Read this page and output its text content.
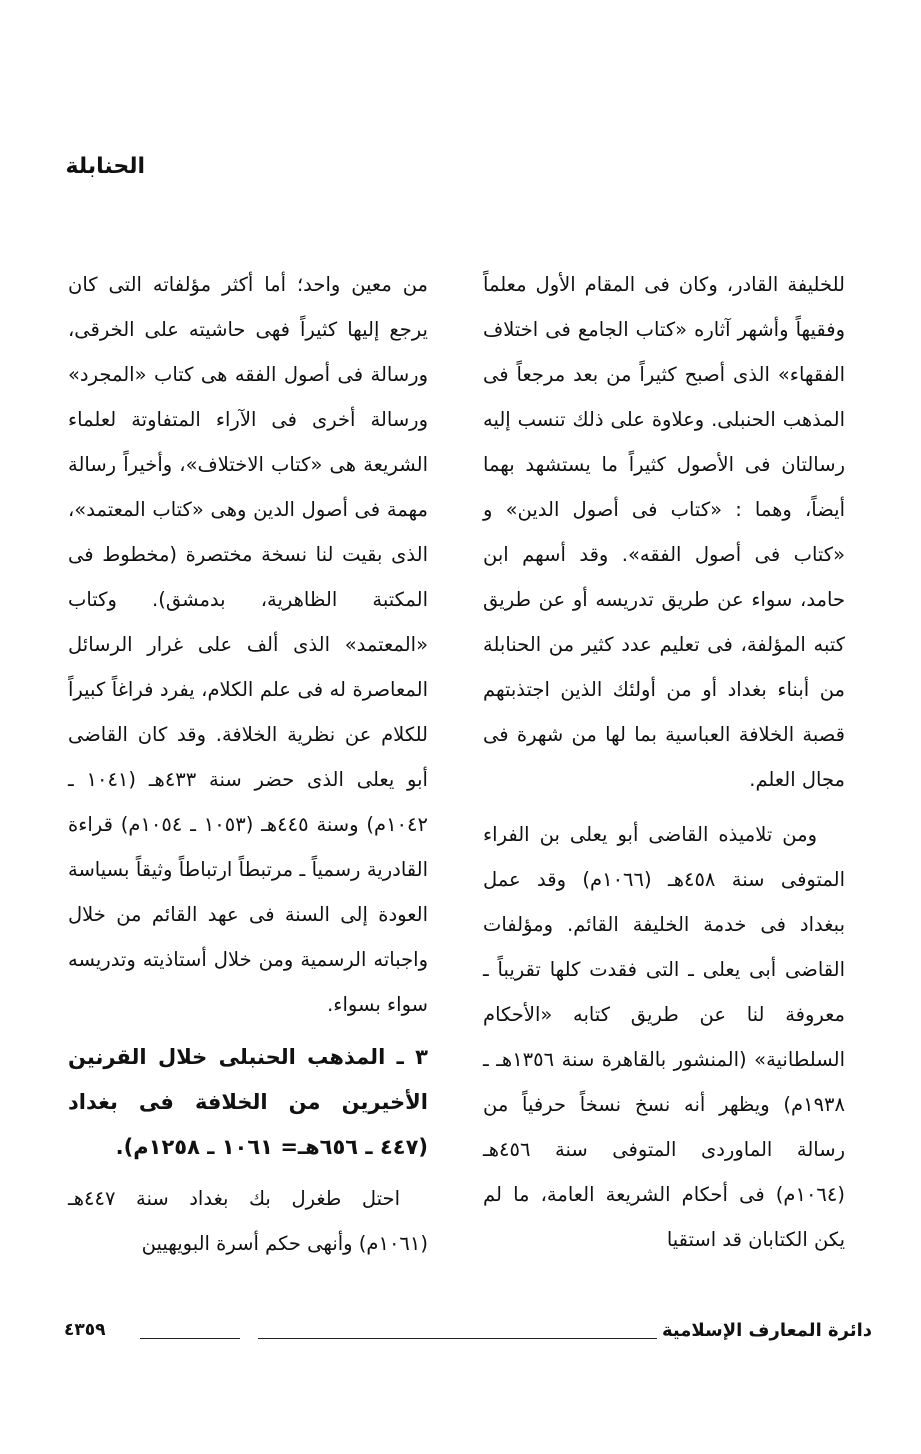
الحنابلة

للخليفة القادر، وكان فى المقام الأول معلماً وفقيهاً وأشهر آثاره «كتاب الجامع فى اختلاف الفقهاء» الذى أصبح كثيراً من بعد مرجعاً فى المذهب الحنبلى. وعلاوة على ذلك تنسب إليه رسالتان فى الأصول كثيراً ما يستشهد بهما أيضاً، وهما : «كتاب فى أصول الدين» و «كتاب فى أصول الفقه». وقد أسهم ابن حامد، سواء عن طريق تدريسه أو عن طريق كتبه المؤلفة، فى تعليم عدد كثير من الحنابلة من أبناء بغداد أو من أولئك الذين اجتذبتهم قصبة الخلافة العباسية بما لها من شهرة فى مجال العلم.

ومن تلاميذه القاضى أبو يعلى بن الفراء المتوفى سنة ٤٥٨هـ (١٠٦٦م) وقد عمل ببغداد فى خدمة الخليفة القائم. ومؤلفات القاضى أبى يعلى ـ التى فقدت كلها تقريباً ـ معروفة لنا عن طريق كتابه «الأحكام السلطانية» (المنشور بالقاهرة سنة ١٣٥٦هـ ـ ١٩٣٨م) ويظهر أنه نسخ نسخاً حرفياً من رسالة الماوردى المتوفى سنة ٤٥٦هـ (١٠٦٤م) فى أحكام الشريعة العامة، ما لم يكن الكتابان قد استقيا

من معين واحد؛ أما أكثر مؤلفاته التى كان يرجع إليها كثيراً فهى حاشيته على الخرقى، ورسالة فى أصول الفقه هى كتاب «المجرد» ورسالة أخرى فى الآراء المتفاوتة لعلماء الشريعة هى «كتاب الاختلاف»، وأخيراً رسالة مهمة فى أصول الدين وهى «كتاب المعتمد»، الذى بقيت لنا نسخة مختصرة (مخطوط فى المكتبة الظاهرية، بدمشق). وكتاب «المعتمد» الذى ألف على غرار الرسائل المعاصرة له فى علم الكلام، يفرد فراغاً كبيراً للكلام عن نظرية الخلافة. وقد كان القاضى أبو يعلى الذى حضر سنة ٤٣٣هـ (١٠٤١ ـ ١٠٤٢م) وسنة ٤٤٥هـ (١٠٥٣ ـ ١٠٥٤م) قراءة القادرية رسمياً ـ مرتبطاً ارتباطاً وثيقاً بسياسة العودة إلى السنة فى عهد القائم من خلال واجباته الرسمية ومن خلال أستاذيته وتدريسه سواء بسواء.

٣ ـ المذهب الحنبلى خلال القرنين الأخيرين من الخلافة فى بغداد (٤٤٧ ـ ٦٥٦هـ= ١٠٦١ ـ ١٢٥٨م).

احتل طغرل بك بغداد سنة ٤٤٧هـ (١٠٦١م) وأنهى حكم أسرة البويهيين

دائرة المعارف الإسلامية
٤٣٥٩
